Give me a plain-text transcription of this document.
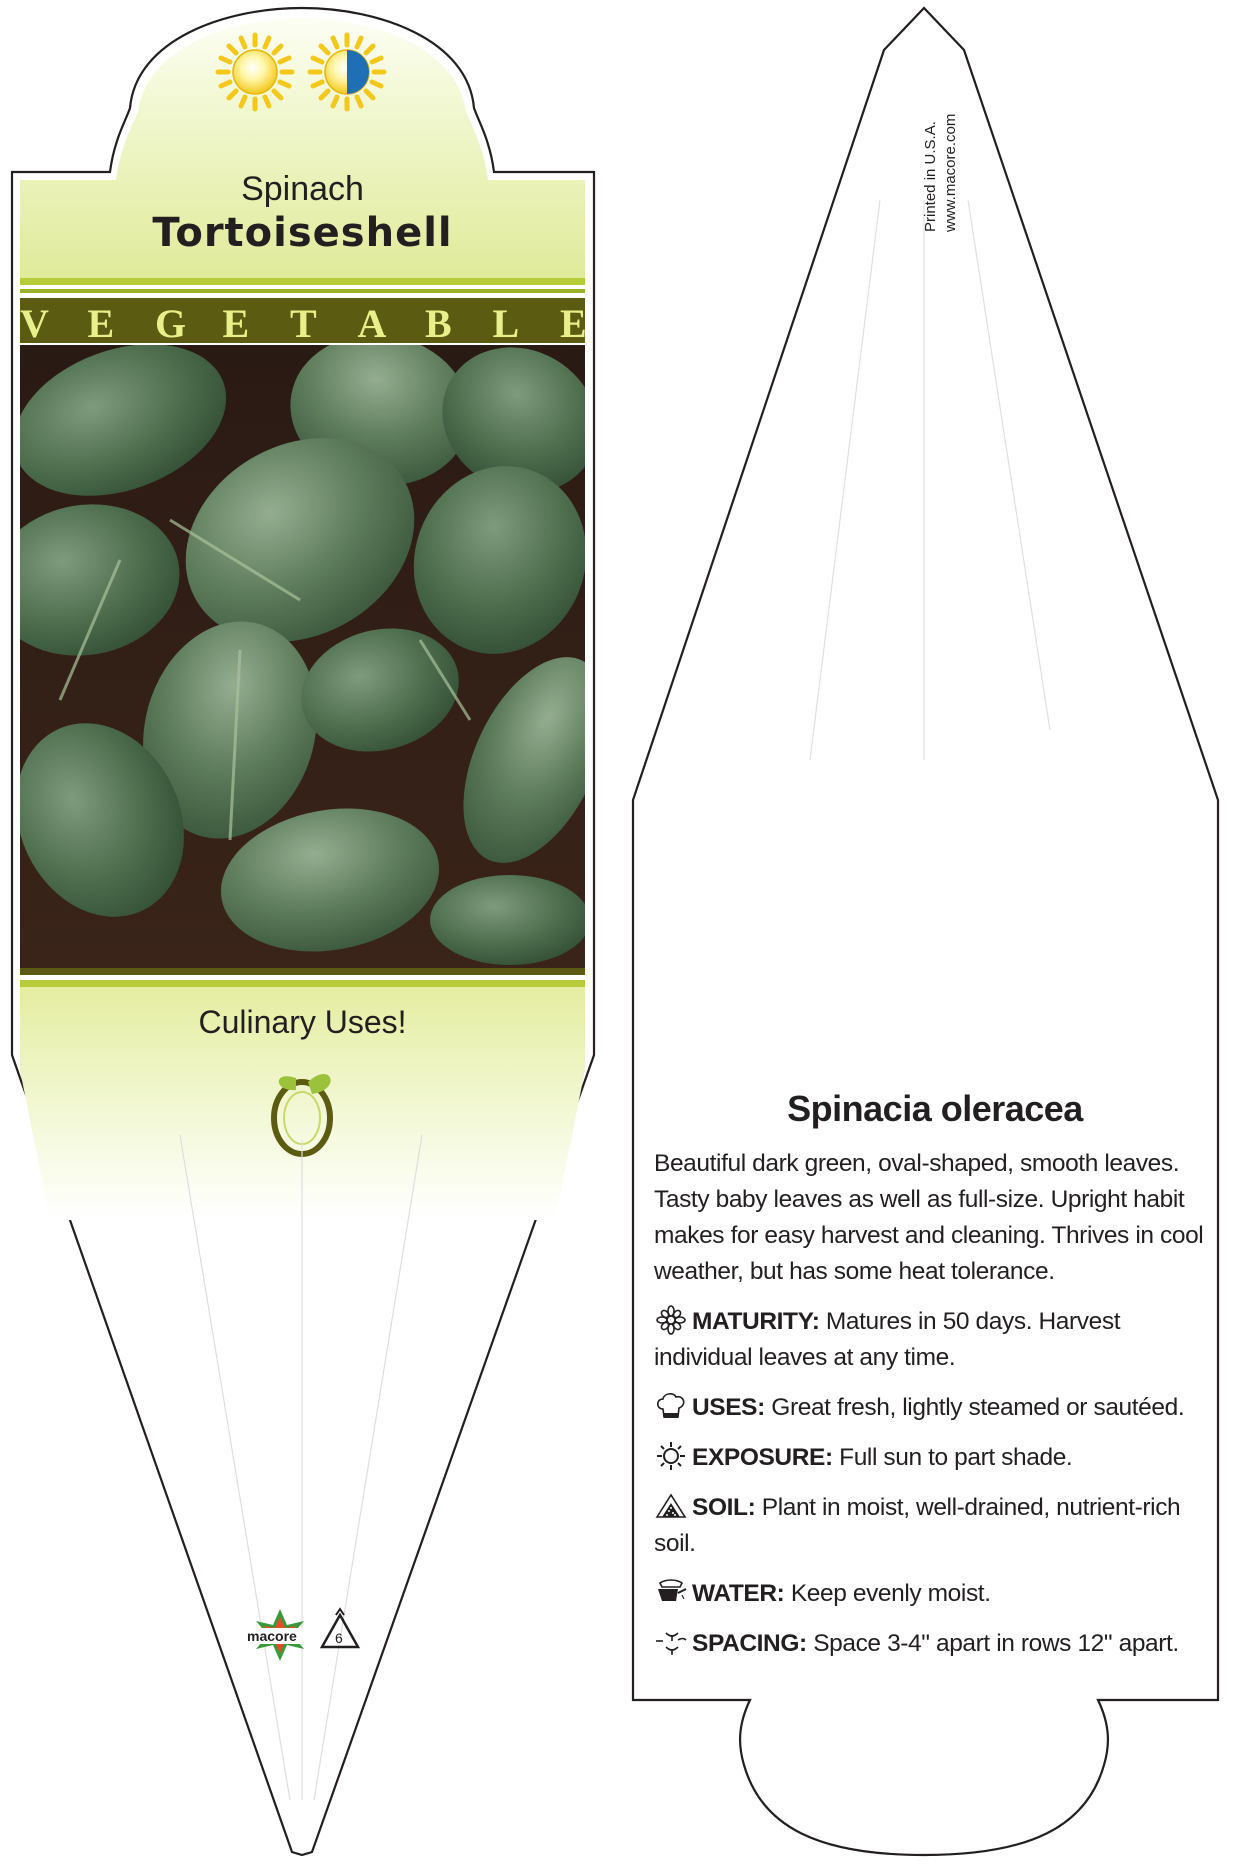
Spinach
Tortoiseshell
V E G E T A B L E
Culinary Uses!
macore	6
Printed in U.S.A. www.macore.com
Spinacia oleracea

Beautiful dark green, oval-shaped, smooth leaves. Tasty baby leaves as well as full-size. Upright habit makes for easy harvest and cleaning. Thrives in cool weather, but has some heat tolerance.

MATURITY: Matures in 50 days. Harvest individual leaves at any time.

USES: Great fresh, lightly steamed or sautéed.

EXPOSURE: Full sun to part shade.

SOIL: Plant in moist, well-drained, nutrient-rich soil.

WATER: Keep evenly moist.

SPACING: Space 3-4" apart in rows 12" apart.
